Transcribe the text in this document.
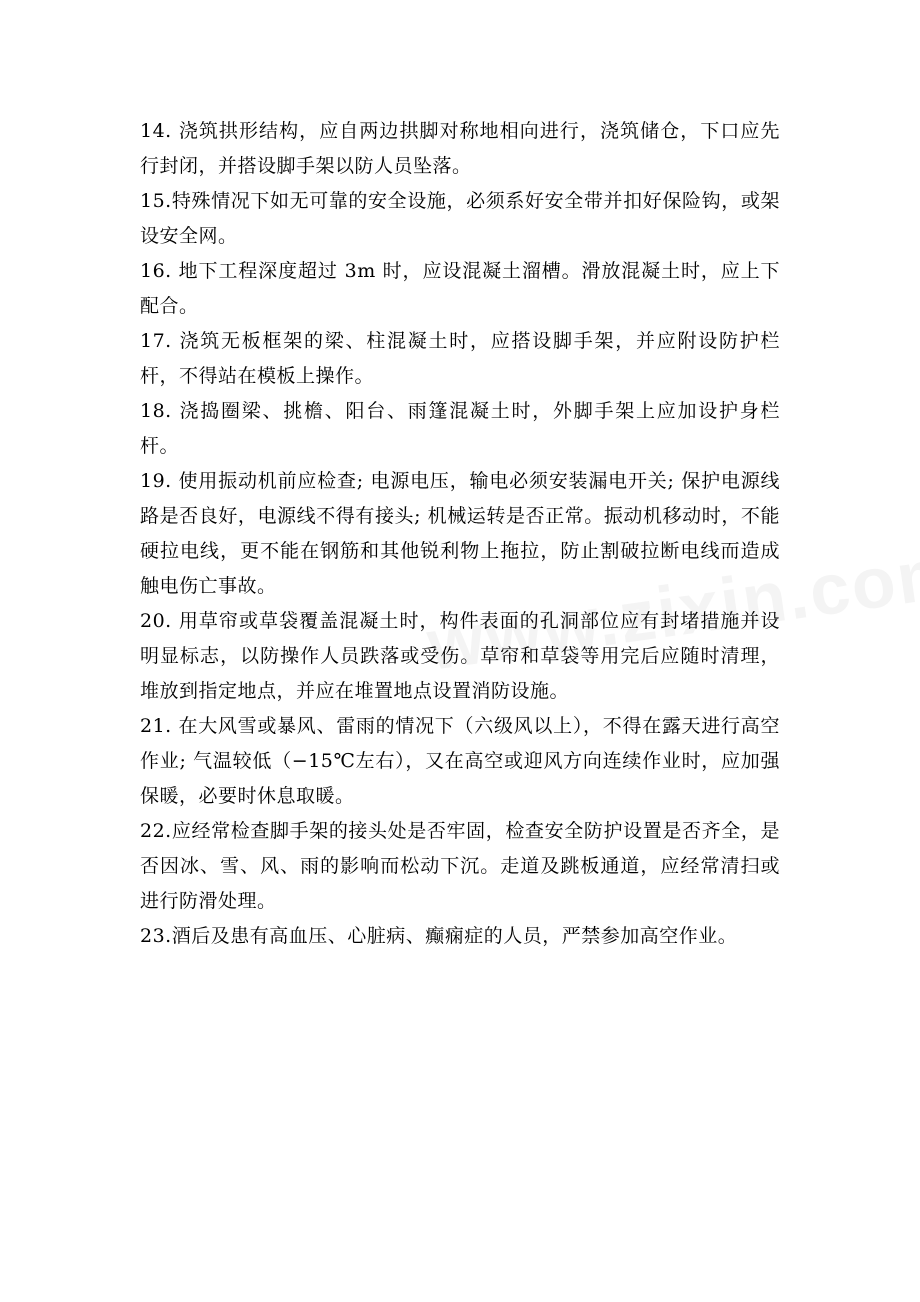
14. 浇筑拱形结构，应自两边拱脚对称地相向进行，浇筑储仓，下口应先行封闭，并搭设脚手架以防人员坠落。

15.特殊情况下如无可靠的安全设施，必须系好安全带并扣好保险钩，或架设安全网。

16. 地下工程深度超过 3m 时，应设混凝土溜槽。滑放混凝土时，应上下配合。

17. 浇筑无板框架的梁、柱混凝土时，应搭设脚手架，并应附设防护栏杆，不得站在模板上操作。

18. 浇捣圈梁、挑檐、阳台、雨篷混凝土时，外脚手架上应加设护身栏杆。

19. 使用振动机前应检查; 电源电压，输电必须安装漏电开关; 保护电源线路是否良好，电源线不得有接头; 机械运转是否正常。振动机移动时，不能硬拉电线，更不能在钢筋和其他锐利物上拖拉，防止割破拉断电线而造成触电伤亡事故。

20. 用草帘或草袋覆盖混凝土时，构件表面的孔洞部位应有封堵措施并设明显标志，以防操作人员跌落或受伤。草帘和草袋等用完后应随时清理，堆放到指定地点，并应在堆置地点设置消防设施。

21. 在大风雪或暴风、雷雨的情况下（六级风以上），不得在露天进行高空作业; 气温较低（−15℃左右），又在高空或迎风方向连续作业时，应加强保暖，必要时休息取暖。

22.应经常检查脚手架的接头处是否牢固，检查安全防护设置是否齐全，是否因冰、雪、风、雨的影响而松动下沉。走道及跳板通道，应经常清扫或进行防滑处理。

23.酒后及患有高血压、心脏病、癫痫症的人员，严禁参加高空作业。
